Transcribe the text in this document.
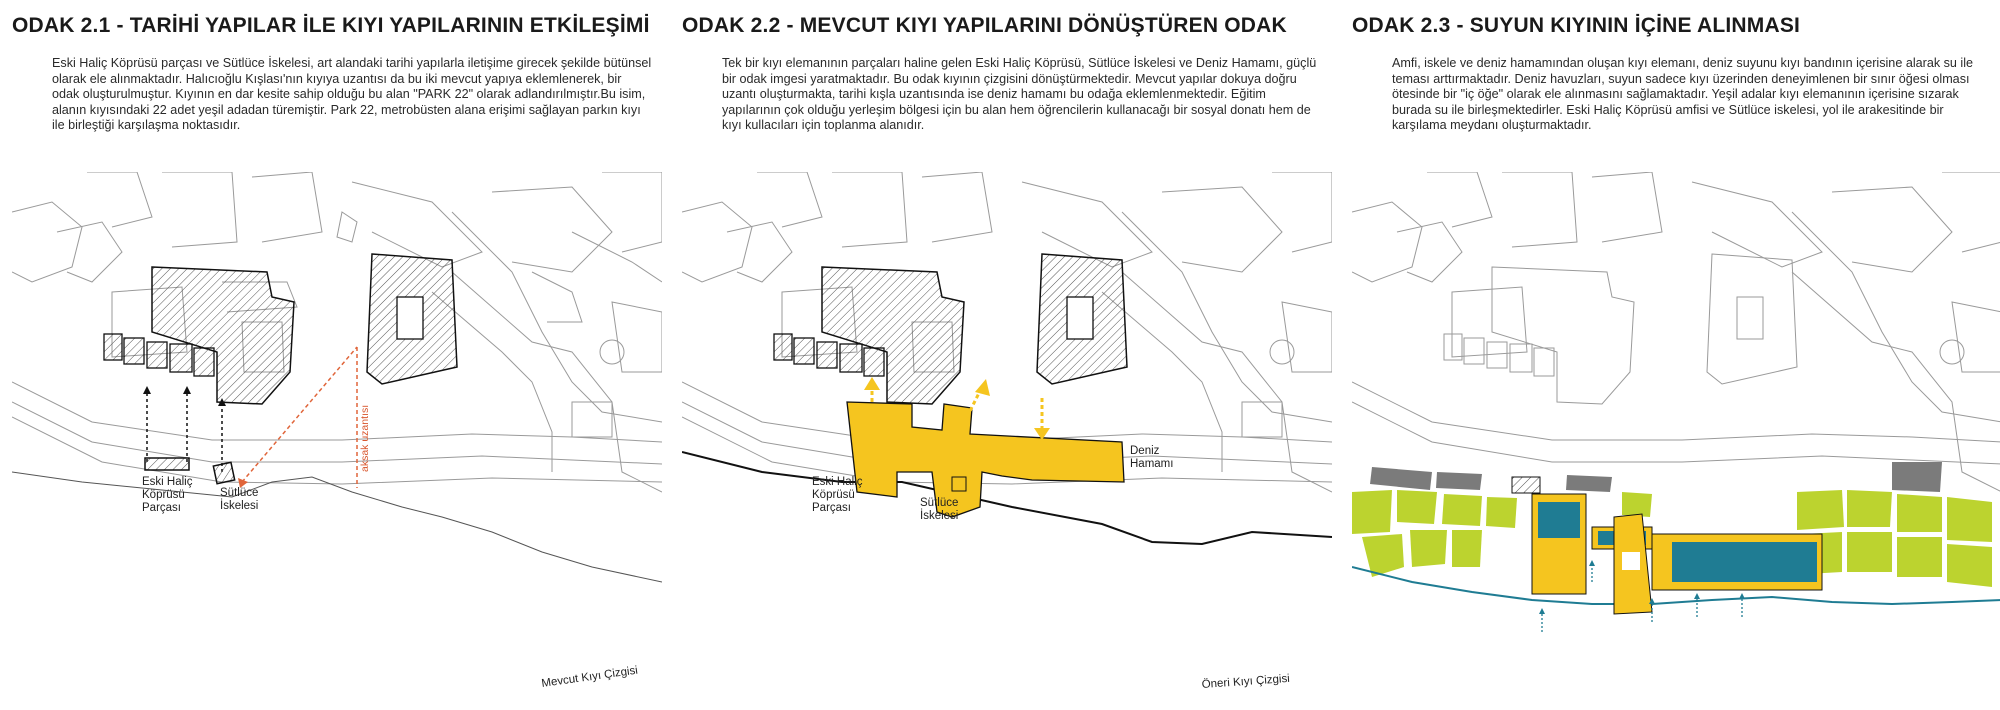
ODAK 2.1 - TARİHİ YAPILAR İLE KIYI YAPILARININ ETKİLEŞİMİ
Eski Haliç Köprüsü parçası ve Sütlüce İskelesi, art alandaki tarihi yapılarla iletişime girecek şekilde bütünsel olarak ele alınmaktadır. Halıcıoğlu Kışlası'nın kıyıya uzantısı da bu iki mevcut yapıya eklemlenerek, bir odak oluşturulmuştur. Kıyının en dar kesite sahip olduğu bu alan "PARK 22" olarak adlandırılmıştır.Bu isim, alanın kıyısındaki 22 adet yeşil adadan türemiştir. Park 22, metrobüsten alana erişimi sağlayan parkın kıyı ile birleştiği karşılaşma noktasıdır.
Eski Haliç
Köprüsü
Parçası
Sütlüce
İskelesi
aksak uzantısı
Mevcut Kıyı Çizgisi
ODAK 2.2 - MEVCUT KIYI YAPILARINI DÖNÜŞTÜREN ODAK
Tek bir kıyı elemanının parçaları haline gelen Eski Haliç Köprüsü, Sütlüce İskelesi ve Deniz Hamamı, güçlü bir odak imgesi yaratmaktadır. Bu odak kıyının çizgisini dönüştürmektedir. Mevcut yapılar dokuya doğru uzantı oluşturmakta, tarihi kışla uzantısında ise deniz hamamı bu odağa eklemlenmektedir. Eğitim yapılarının çok olduğu yerleşim bölgesi için bu alan hem öğrencilerin kullanacağı bir sosyal donatı hem de kıyı kullacıları için toplanma alanıdır.
Eski Haliç
Köprüsü
Parçası	Sütlüce
İskelesi
Deniz
Hamamı
Öneri Kıyı Çizgisi
ODAK 2.3 - SUYUN KIYININ İÇİNE ALINMASI
Amfi, iskele ve deniz hamamından oluşan kıyı elemanı, deniz suyunu kıyı bandının içerisine alarak su ile teması arttırmaktadır. Deniz havuzları, suyun sadece kıyı üzerinden deneyimlenen bir sınır öğesi olması ötesinde bir "iç öğe" olarak ele alınmasını sağlamaktadır. Yeşil adalar kıyı elemanının içerisine sızarak burada su ile birleşmektedirler. Eski Haliç Köprüsü amfisi ve Sütlüce iskelesi, yol ile arakesitinde bir karşılama meydanı oluşturmaktadır.
